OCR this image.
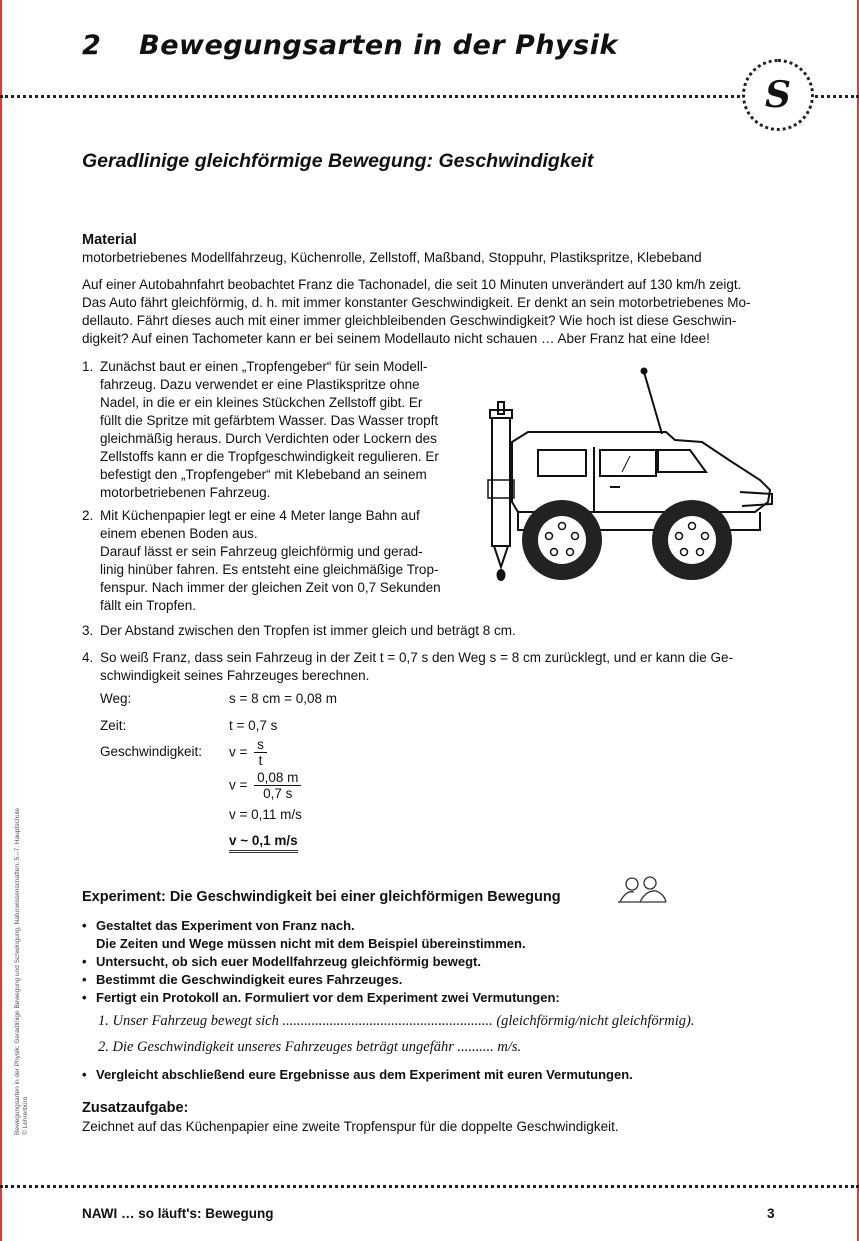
2 Bewegungsarten in der Physik
S
Geradlinige gleichförmige Bewegung: Geschwindigkeit
Material
motorbetriebenes Modellfahrzeug, Küchenrolle, Zellstoff, Maßband, Stoppuhr, Plastikspritze, Klebeband
Auf einer Autobahnfahrt beobachtet Franz die Tachonadel, die seit 10 Minuten unverändert auf 130 km/h zeigt.
Das Auto fährt gleichförmig, d. h. mit immer konstanter Geschwindigkeit. Er denkt an sein motorbetriebenes Mo-
dellauto. Fährt dieses auch mit einer immer gleichbleibenden Geschwindigkeit? Wie hoch ist diese Geschwin-
digkeit? Auf einen Tachometer kann er bei seinem Modellauto nicht schauen … Aber Franz hat eine Idee!
1. Zunächst baut er einen „Tropfengeber“ für sein Modell-
fahrzeug. Dazu verwendet er eine Plastikspritze ohne
Nadel, in die er ein kleines Stückchen Zellstoff gibt. Er
füllt die Spritze mit gefärbtem Wasser. Das Wasser tropft
gleichmäßig heraus. Durch Verdichten oder Lockern des
Zellstoffs kann er die Tropfgeschwindigkeit regulieren. Er
befestigt den „Tropfengeber“ mit Klebeband an seinem
motorbetriebenen Fahrzeug.
2. Mit Küchenpapier legt er eine 4 Meter lange Bahn auf
einem ebenen Boden aus.
Darauf lässt er sein Fahrzeug gleichförmig und gerad-
linig hinüber fahren. Es entsteht eine gleichmäßige Trop-
fenspur. Nach immer der gleichen Zeit von 0,7 Sekunden
fällt ein Tropfen.
3. Der Abstand zwischen den Tropfen ist immer gleich und beträgt 8 cm.
4. So weiß Franz, dass sein Fahrzeug in der Zeit t = 0,7 s den Weg s = 8 cm zurücklegt, und er kann die Ge-
schwindigkeit seines Fahrzeuges berechnen.
Weg:	s = 8 cm = 0,08 m
Zeit:	t = 0,7 s
Geschwindigkeit: $v = \frac{s}{t}$
$v = \frac{0,08 m}{0,7 s}$
v = 0,11 m/s
v ~ 0,1 m/s
Experiment: Die Geschwindigkeit bei einer gleichförmigen Bewegung
• Gestaltet das Experiment von Franz nach.
Die Zeiten und Wege müssen nicht mit dem Beispiel übereinstimmen.
• Untersucht, ob sich euer Modellfahrzeug gleichförmig bewegt.
• Bestimmt die Geschwindigkeit eures Fahrzeuges.
• Fertigt ein Protokoll an. Formuliert vor dem Experiment zwei Vermutungen:
1. Unser Fahrzeug bewegt sich .......................................................... (gleichförmig/nicht gleichförmig).
2. Die Geschwindigkeit unseres Fahrzeuges beträgt ungefähr .......... m/s.
• Vergleicht abschließend eure Ergebnisse aus dem Experiment mit euren Vermutungen.
Zusatzaufgabe:
Zeichnet auf das Küchenpapier eine zweite Tropfenspur für die doppelte Geschwindigkeit.
Bewegungsarten in der Physik, Geradlinige Bewegung und Schwingung, Naturwissenschaften, 5.–7. Hauptschule © Lehrerbüro
NAWI … so läuft's: Bewegung	3
